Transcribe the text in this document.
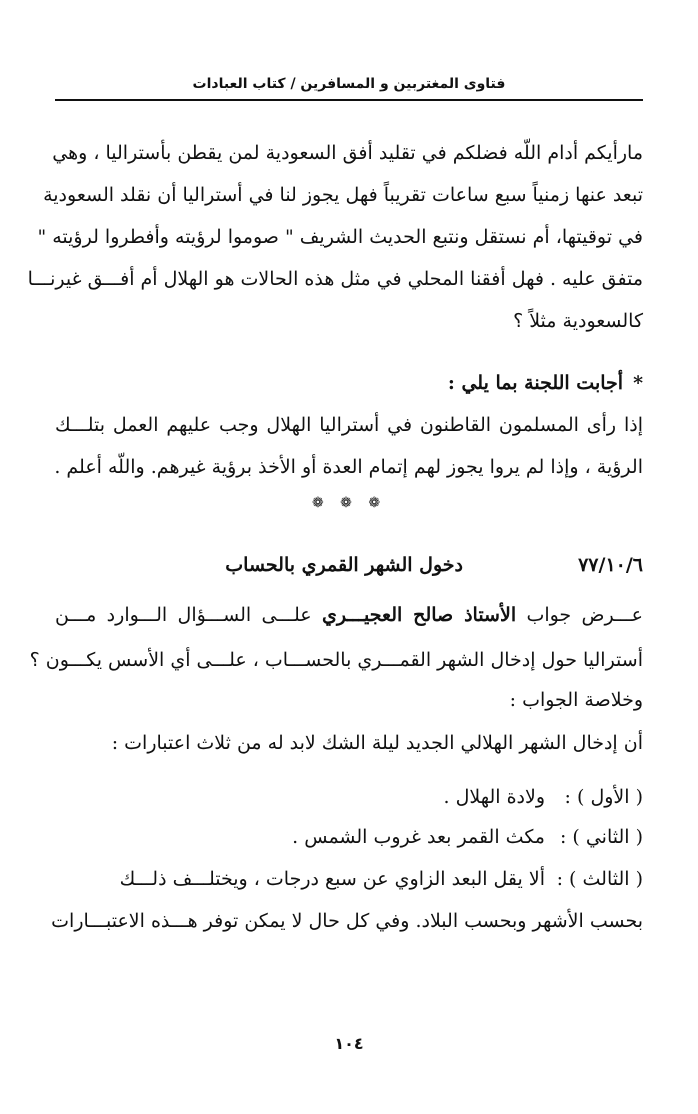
فتاوى المغتربين و المسافرين / كتاب العبادات
مارأيكم أدام اللّه فضلكم في تقليد أفق السعودية لمن يقطن بأستراليا ، وهي
تبعد عنها زمنياً سبع ساعات تقريباً فهل يجوز لنا في أستراليا أن نقلد السعودية
في توقيتها، أم نستقل ونتبع الحديث الشريف " صوموا لرؤيته وأفطروا لرؤيته "
متفق عليه . فهل أفقنا المحلي في مثل هذه الحالات هو الهلال أم أفـــق غيرنـــا
كالسعودية مثلاً ؟
*أجابت اللجنة بما يلي :
إذا رأى المسلمون القاطنون في أستراليا الهلال وجب عليهم العمل بتلـــك
الرؤية ، وإذا لم يروا يجوز لهم إتمام العدة أو الأخذ برؤية غيرهم. واللّه أعلم .
❁ ❁ ❁
٧٧/١٠/٦
دخول الشهر القمري بالحساب
عـــرض جواب الأستاذ صالح العجيـــري علـــى الســـؤال الـــوارد مـــن
أستراليا حول إدخال الشهر القمـــري بالحســـاب ، علـــى أي الأسس يكـــون ؟
وخلاصة الجواب :
أن إدخال الشهر الهلالي الجديد ليلة الشك لابد له من ثلاث اعتبارات :
( الأول ) :ولادة الهلال .
( الثاني ) :مكث القمر بعد غروب الشمس .
( الثالث ) :ألا يقل البعد الزاوي عن سبع درجات ، ويختلـــف ذلـــك
بحسب الأشهر وبحسب البلاد. وفي كل حال لا يمكن توفر هـــذه الاعتبـــارات
١٠٤
